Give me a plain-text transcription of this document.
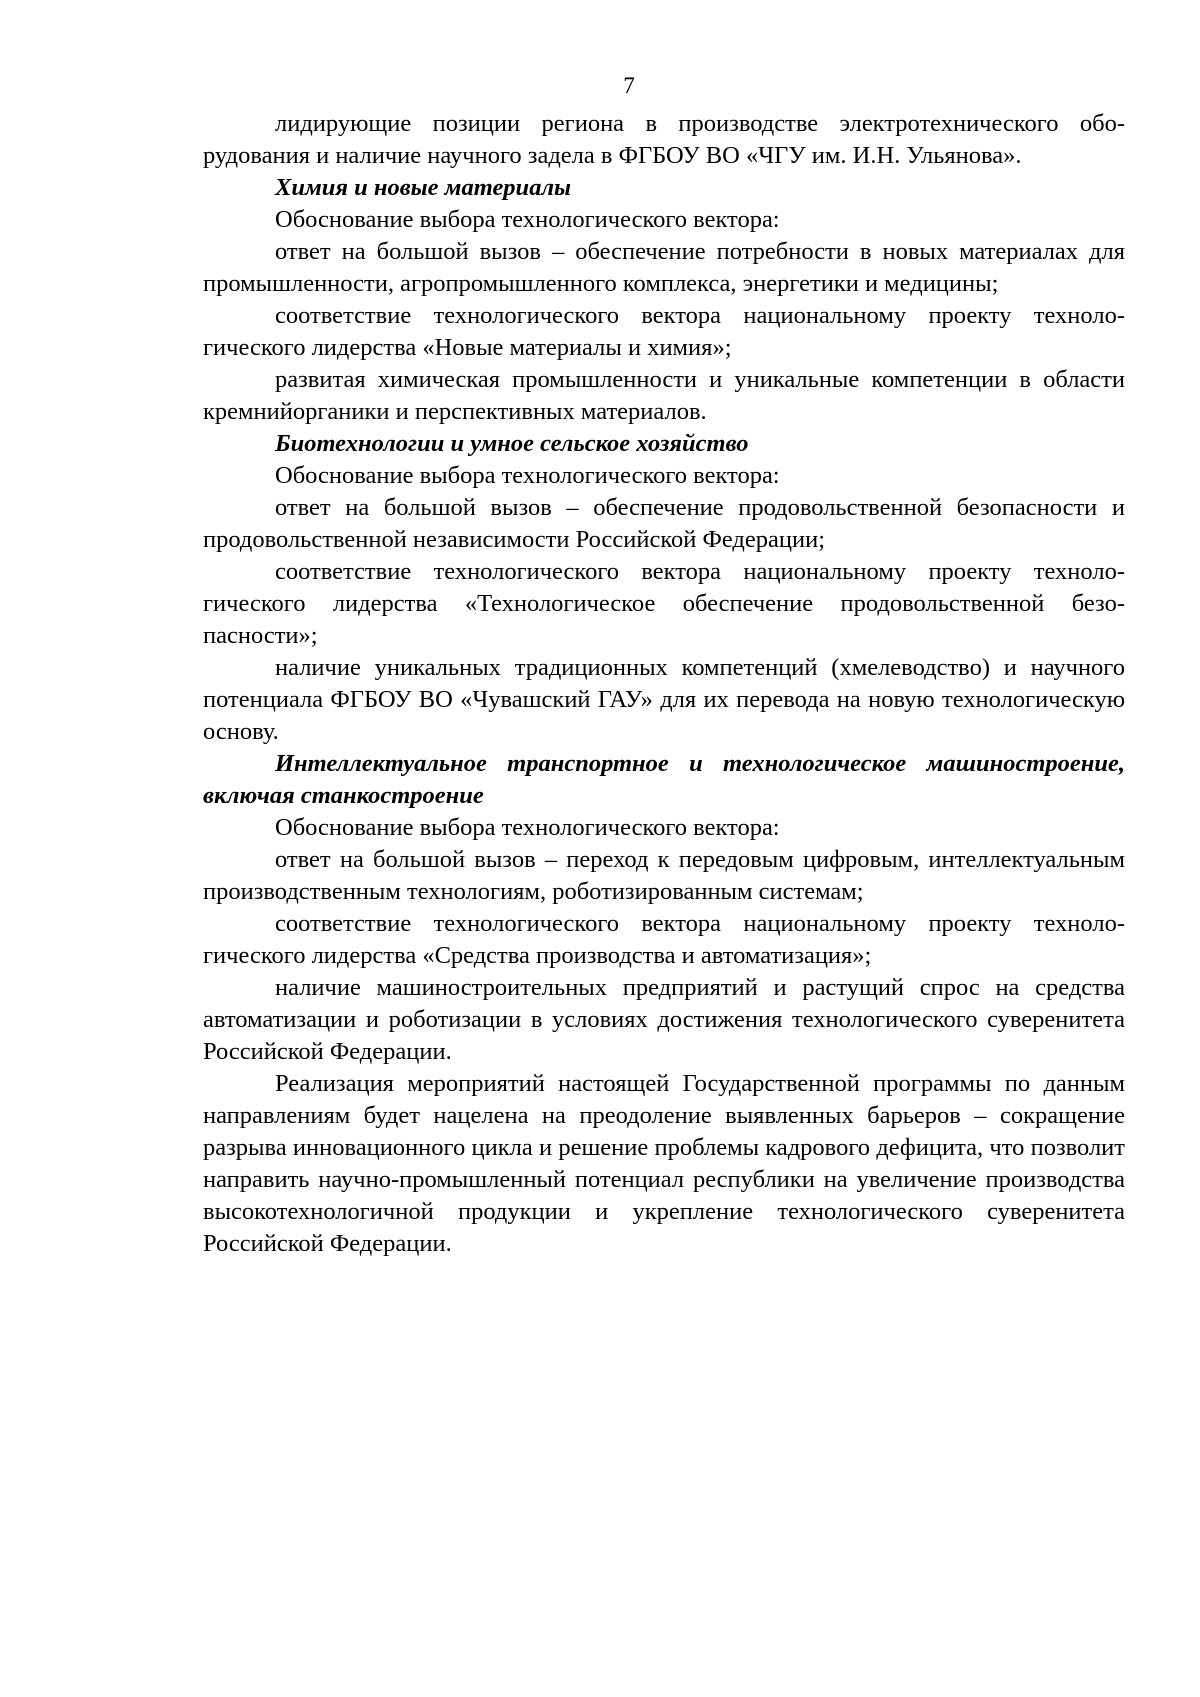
7

лидирующие позиции региона в производстве электротехнического оборудования и наличие научного задела в ФГБОУ ВО «ЧГУ им. И.Н. Ульянова».

Химия и новые материалы

Обоснование выбора технологического вектора:

ответ на большой вызов – обеспечение потребности в новых материалах для промышленности, агропромышленного комплекса, энергетики и медицины;

соответствие технологического вектора национальному проекту технологического лидерства «Новые материалы и химия»;

развитая химическая промышленности и уникальные компетенции в области кремнийорганики и перспективных материалов.

Биотехнологии и умное сельское хозяйство

Обоснование выбора технологического вектора:

ответ на большой вызов – обеспечение продовольственной безопасности и продовольственной независимости Российской Федерации;

соответствие технологического вектора национальному проекту технологического лидерства «Технологическое обеспечение продовольственной безопасности»;

наличие уникальных традиционных компетенций (хмелеводство) и научного потенциала ФГБОУ ВО «Чувашский ГАУ» для их перевода на новую технологическую основу.

Интеллектуальное транспортное и технологическое машиностроение, включая станкостроение

Обоснование выбора технологического вектора:

ответ на большой вызов – переход к передовым цифровым, интеллектуальным производственным технологиям, роботизированным системам;

соответствие технологического вектора национальному проекту технологического лидерства «Средства производства и автоматизация»;

наличие машиностроительных предприятий и растущий спрос на средства автоматизации и роботизации в условиях достижения технологического суверенитета Российской Федерации.

Реализация мероприятий настоящей Государственной программы по данным направлениям будет нацелена на преодоление выявленных барьеров – сокращение разрыва инновационного цикла и решение проблемы кадрового дефицита, что позволит направить научно-промышленный потенциал республики на увеличение производства высокотехнологичной продукции и укрепление технологического суверенитета Российской Федерации.
